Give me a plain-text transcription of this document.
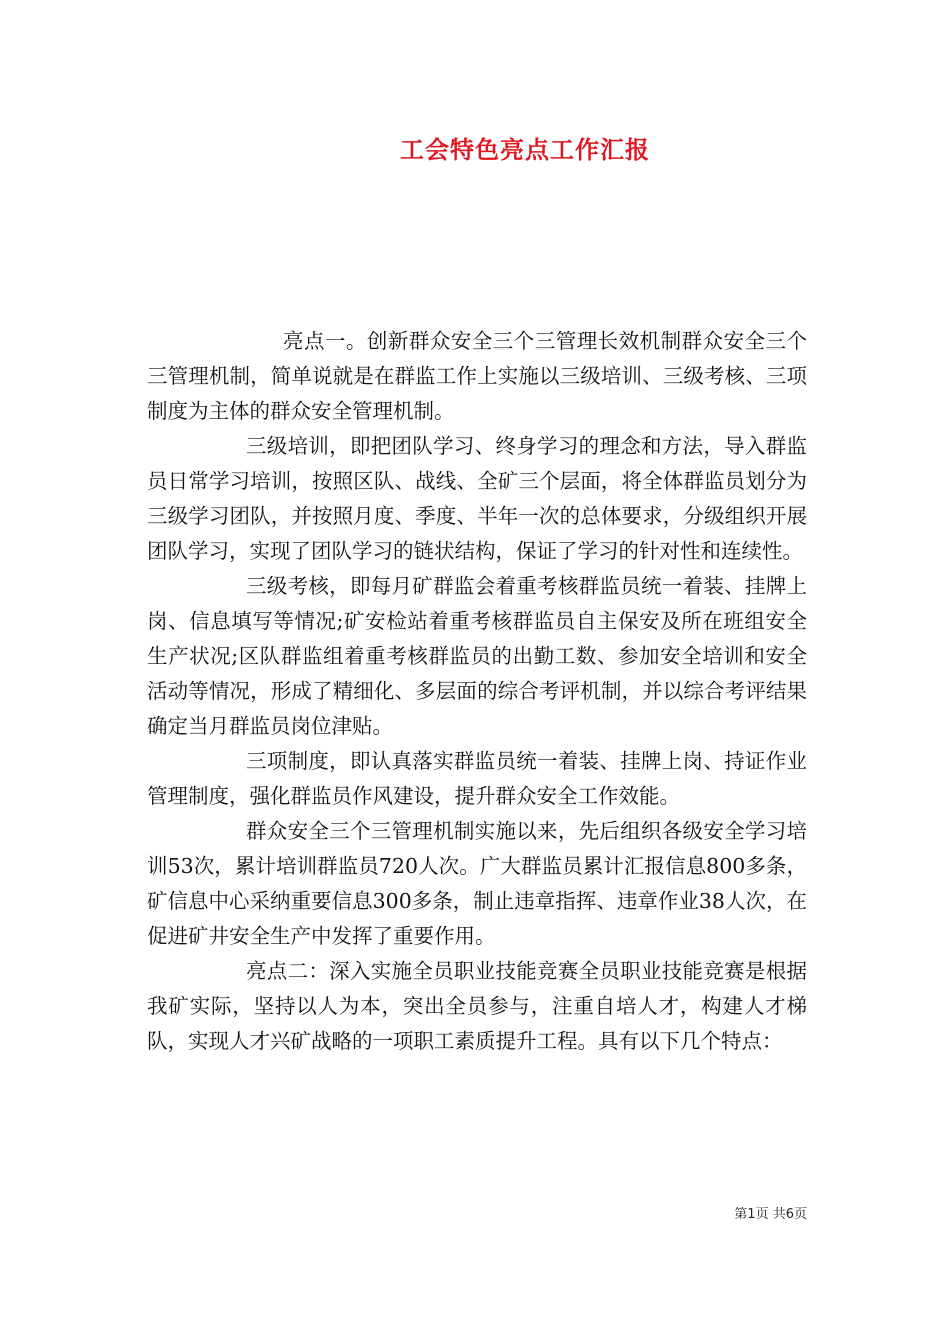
工会特色亮点工作汇报

亮点一。创新群众安全三个三管理长效机制群众安全三个三管理机制，简单说就是在群监工作上实施以三级培训、三级考核、三项制度为主体的群众安全管理机制。

三级培训，即把团队学习、终身学习的理念和方法，导入群监员日常学习培训，按照区队、战线、全矿三个层面，将全体群监员划分为三级学习团队，并按照月度、季度、半年一次的总体要求，分级组织开展团队学习，实现了团队学习的链状结构，保证了学习的针对性和连续性。

三级考核，即每月矿群监会着重考核群监员统一着装、挂牌上岗、信息填写等情况;矿安检站着重考核群监员自主保安及所在班组安全生产状况;区队群监组着重考核群监员的出勤工数、参加安全培训和安全活动等情况，形成了精细化、多层面的综合考评机制，并以综合考评结果确定当月群监员岗位津贴。

三项制度，即认真落实群监员统一着装、挂牌上岗、持证作业管理制度，强化群监员作风建设，提升群众安全工作效能。

群众安全三个三管理机制实施以来，先后组织各级安全学习培训53次，累计培训群监员720人次。广大群监员累计汇报信息800多条，矿信息中心采纳重要信息300多条，制止违章指挥、违章作业38人次，在促进矿井安全生产中发挥了重要作用。

亮点二：深入实施全员职业技能竞赛全员职业技能竞赛是根据我矿实际，坚持以人为本，突出全员参与，注重自培人才，构建人才梯队，实现人才兴矿战略的一项职工素质提升工程。具有以下几个特点：

第1页 共6页
